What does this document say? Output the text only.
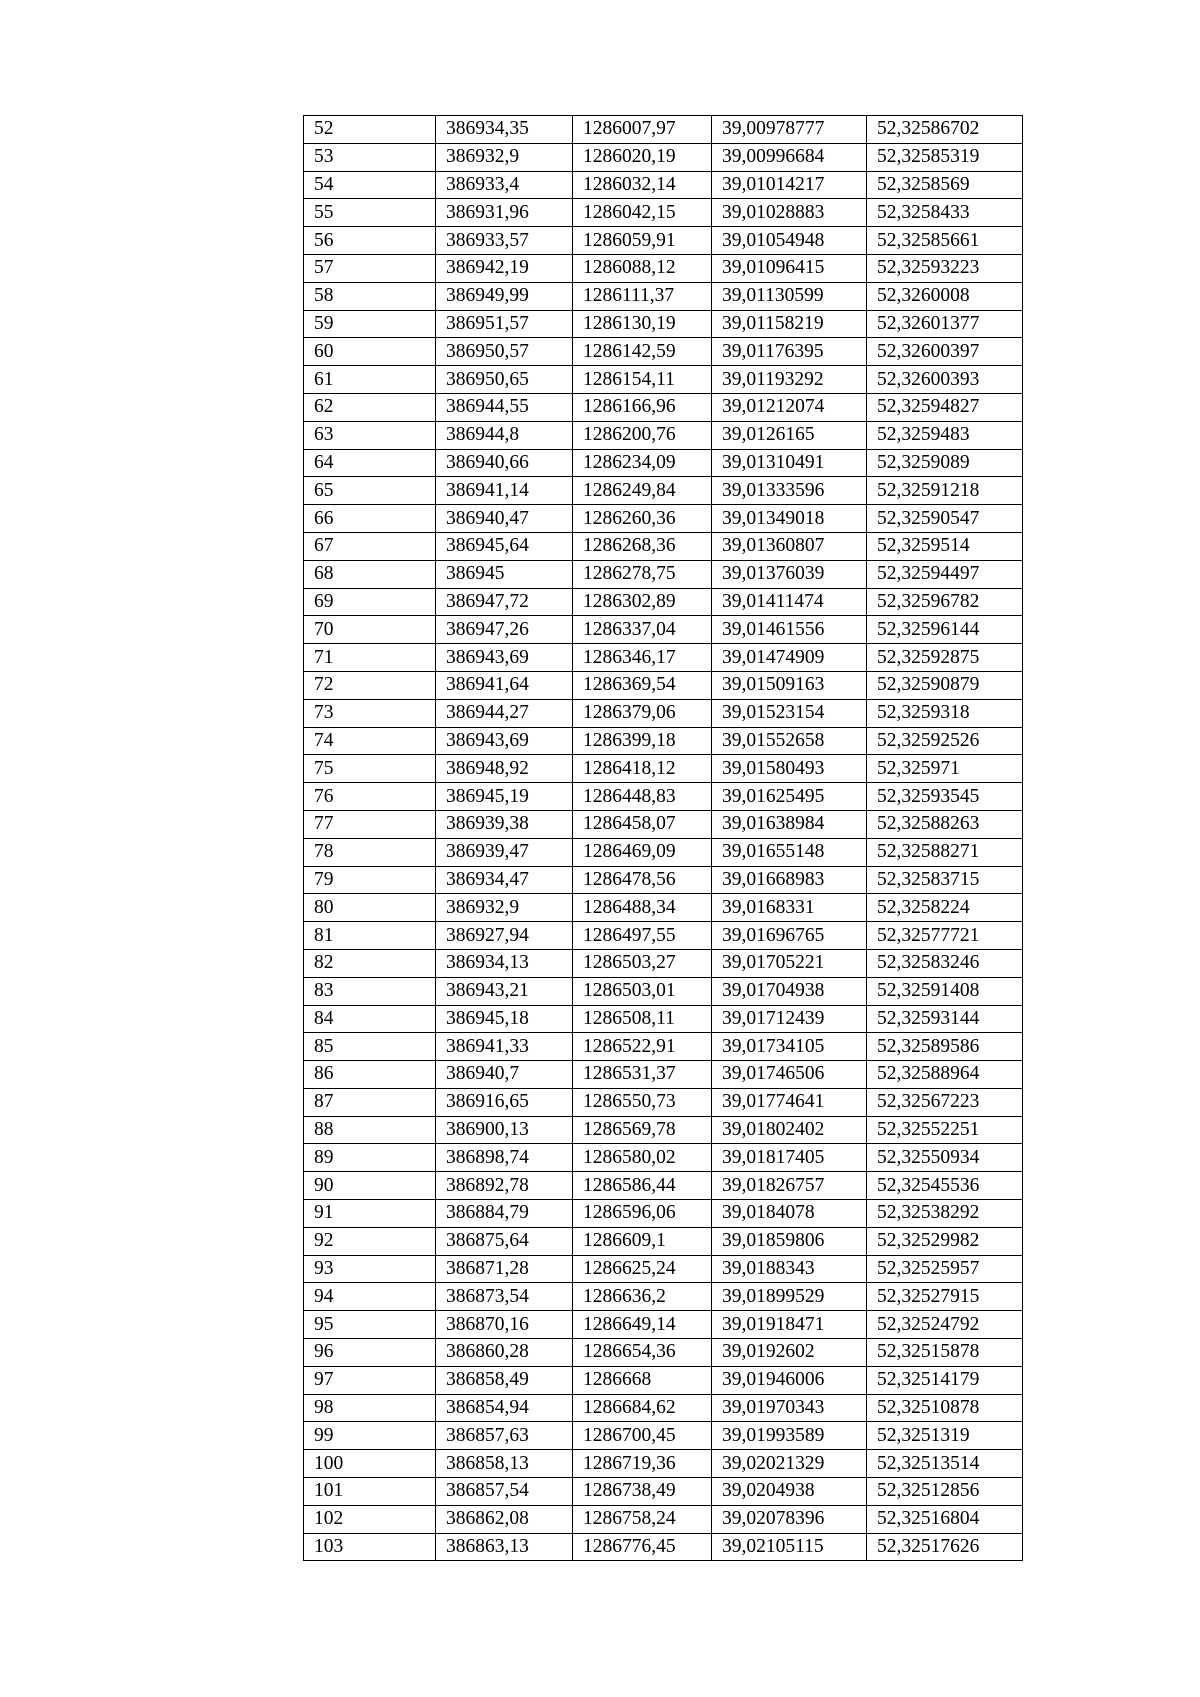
52	386934,35	1286007,97	39,00978777	52,32586702
53	386932,9	1286020,19	39,00996684	52,32585319
54	386933,4	1286032,14	39,01014217	52,3258569
55	386931,96	1286042,15	39,01028883	52,3258433
56	386933,57	1286059,91	39,01054948	52,32585661
57	386942,19	1286088,12	39,01096415	52,32593223
58	386949,99	1286111,37	39,01130599	52,3260008
59	386951,57	1286130,19	39,01158219	52,32601377
60	386950,57	1286142,59	39,01176395	52,32600397
61	386950,65	1286154,11	39,01193292	52,32600393
62	386944,55	1286166,96	39,01212074	52,32594827
63	386944,8	1286200,76	39,0126165	52,3259483
64	386940,66	1286234,09	39,01310491	52,3259089
65	386941,14	1286249,84	39,01333596	52,32591218
66	386940,47	1286260,36	39,01349018	52,32590547
67	386945,64	1286268,36	39,01360807	52,3259514
68	386945	1286278,75	39,01376039	52,32594497
69	386947,72	1286302,89	39,01411474	52,32596782
70	386947,26	1286337,04	39,01461556	52,32596144
71	386943,69	1286346,17	39,01474909	52,32592875
72	386941,64	1286369,54	39,01509163	52,32590879
73	386944,27	1286379,06	39,01523154	52,3259318
74	386943,69	1286399,18	39,01552658	52,32592526
75	386948,92	1286418,12	39,01580493	52,325971
76	386945,19	1286448,83	39,01625495	52,32593545
77	386939,38	1286458,07	39,01638984	52,32588263
78	386939,47	1286469,09	39,01655148	52,32588271
79	386934,47	1286478,56	39,01668983	52,32583715
80	386932,9	1286488,34	39,0168331	52,3258224
81	386927,94	1286497,55	39,01696765	52,32577721
82	386934,13	1286503,27	39,01705221	52,32583246
83	386943,21	1286503,01	39,01704938	52,32591408
84	386945,18	1286508,11	39,01712439	52,32593144
85	386941,33	1286522,91	39,01734105	52,32589586
86	386940,7	1286531,37	39,01746506	52,32588964
87	386916,65	1286550,73	39,01774641	52,32567223
88	386900,13	1286569,78	39,01802402	52,32552251
89	386898,74	1286580,02	39,01817405	52,32550934
90	386892,78	1286586,44	39,01826757	52,32545536
91	386884,79	1286596,06	39,0184078	52,32538292
92	386875,64	1286609,1	39,01859806	52,32529982
93	386871,28	1286625,24	39,0188343	52,32525957
94	386873,54	1286636,2	39,01899529	52,32527915
95	386870,16	1286649,14	39,01918471	52,32524792
96	386860,28	1286654,36	39,0192602	52,32515878
97	386858,49	1286668	39,01946006	52,32514179
98	386854,94	1286684,62	39,01970343	52,32510878
99	386857,63	1286700,45	39,01993589	52,3251319
100	386858,13	1286719,36	39,02021329	52,32513514
101	386857,54	1286738,49	39,0204938	52,32512856
102	386862,08	1286758,24	39,02078396	52,32516804
103	386863,13	1286776,45	39,02105115	52,32517626
